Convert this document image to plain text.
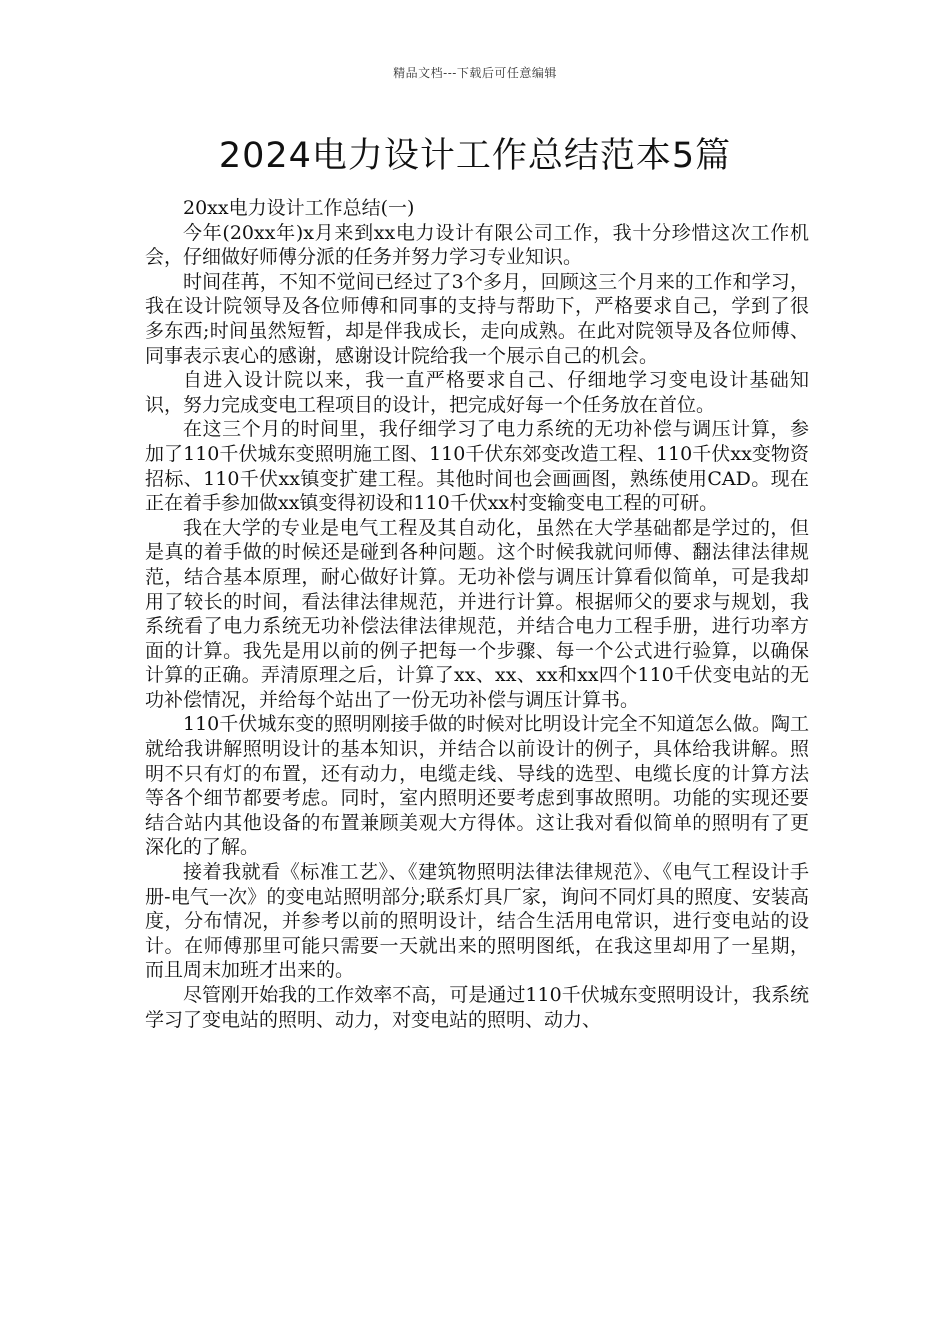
精品文档---下载后可任意编辑
2024电力设计工作总结范本5篇

20xx电力设计工作总结(一)

今年(20xx年)x月来到xx电力设计有限公司工作，我十分珍惜这次工作机会，仔细做好师傅分派的任务并努力学习专业知识。

时间荏苒，不知不觉间已经过了3个多月，回顾这三个月来的工作和学习，我在设计院领导及各位师傅和同事的支持与帮助下，严格要求自己，学到了很多东西;时间虽然短暂，却是伴我成长，走向成熟。在此对院领导及各位师傅、同事表示衷心的感谢，感谢设计院给我一个展示自己的机会。

自进入设计院以来，我一直严格要求自己、仔细地学习变电设计基础知识，努力完成变电工程项目的设计，把完成好每一个任务放在首位。

在这三个月的时间里，我仔细学习了电力系统的无功补偿与调压计算，参加了110千伏城东变照明施工图、110千伏东郊变改造工程、110千伏xx变物资招标、110千伏xx镇变扩建工程。其他时间也会画画图，熟练使用CAD。现在正在着手参加做xx镇变得初设和110千伏xx村变输变电工程的可研。

我在大学的专业是电气工程及其自动化，虽然在大学基础都是学过的，但是真的着手做的时候还是碰到各种问题。这个时候我就问师傅、翻法律法律规范，结合基本原理，耐心做好计算。无功补偿与调压计算看似简单，可是我却用了较长的时间，看法律法律规范，并进行计算。根据师父的要求与规划，我系统看了电力系统无功补偿法律法律规范，并结合电力工程手册，进行功率方面的计算。我先是用以前的例子把每一个步骤、每一个公式进行验算，以确保计算的正确。弄清原理之后，计算了xx、xx、xx和xx四个110千伏变电站的无功补偿情况，并给每个站出了一份无功补偿与调压计算书。

110千伏城东变的照明刚接手做的时候对比明设计完全不知道怎么做。陶工就给我讲解照明设计的基本知识，并结合以前设计的例子，具体给我讲解。照明不只有灯的布置，还有动力，电缆走线、导线的选型、电缆长度的计算方法等各个细节都要考虑。同时，室内照明还要考虑到事故照明。功能的实现还要结合站内其他设备的布置兼顾美观大方得体。这让我对看似简单的照明有了更深化的了解。

接着我就看《标准工艺》、《建筑物照明法律法律规范》、《电气工程设计手册-电气一次》的变电站照明部分;联系灯具厂家，询问不同灯具的照度、安装高度，分布情况，并参考以前的照明设计，结合生活用电常识，进行变电站的设计。在师傅那里可能只需要一天就出来的照明图纸，在我这里却用了一星期，而且周末加班才出来的。

尽管刚开始我的工作效率不高，可是通过110千伏城东变照明设计，我系统学习了变电站的照明、动力，对变电站的照明、动力、
